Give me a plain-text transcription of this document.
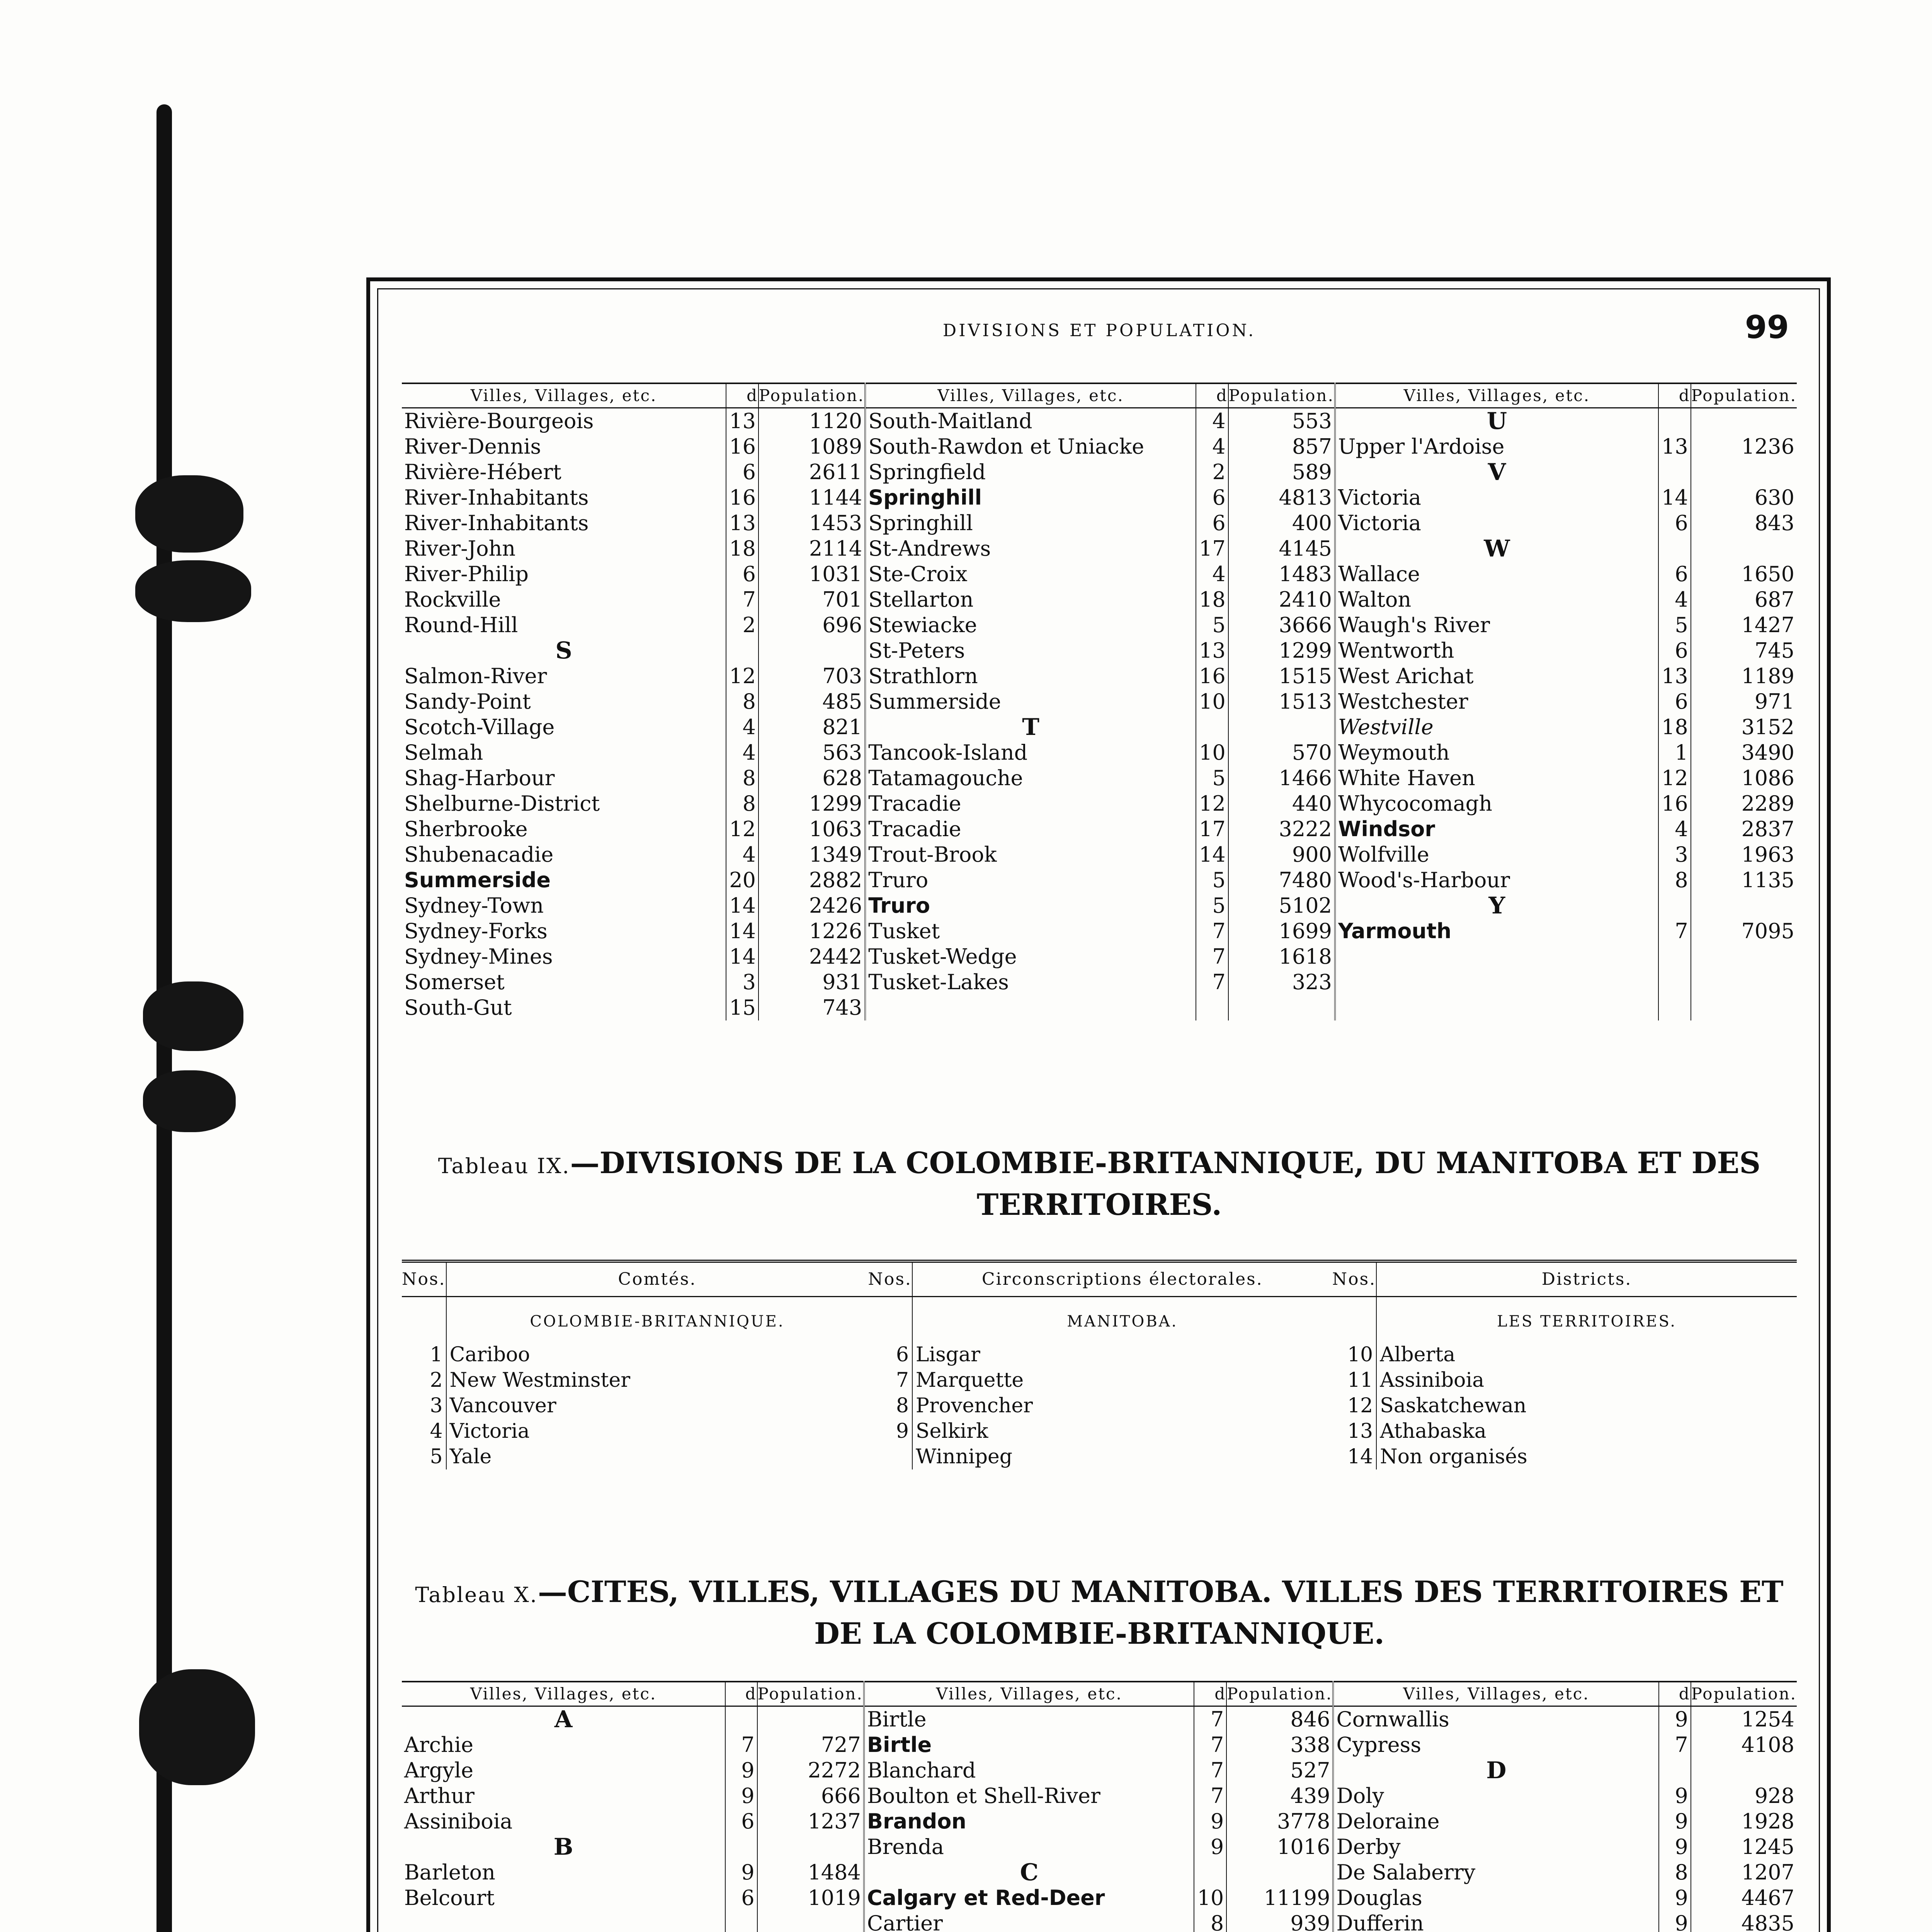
DIVISIONS ET POPULATION.	99
Villes, Villages, etc.	d	Population.	Villes, Villages, etc.	d	Population.	Villes, Villages, etc.	d	Population.
Rivière-Bourgeois	13	1120	South-Maitland	4	553	U		
River-Dennis	16	1089	South-Rawdon et Uniacke	4	857	Upper l'Ardoise	13	1236
Rivière-Hébert	6	2611	Springfield	2	589	V		
River-Inhabitants	16	1144	Springhill	6	4813	Victoria	14	630
River-Inhabitants	13	1453	Springhill	6	400	Victoria	6	843
River-John	18	2114	St-Andrews	17	4145	W		
River-Philip	6	1031	Ste-Croix	4	1483	Wallace	6	1650
Rockville	7	701	Stellarton	18	2410	Walton	4	687
Round-Hill	2	696	Stewiacke	5	3666	Waugh's River	5	1427
S			St-Peters	13	1299	Wentworth	6	745
Salmon-River	12	703	Strathlorn	16	1515	West Arichat	13	1189
Sandy-Point	8	485	Summerside	10	1513	Westchester	6	971
Scotch-Village	4	821	T			Westville	18	3152
Selmah	4	563	Tancook-Island	10	570	Weymouth	1	3490
Shag-Harbour	8	628	Tatamagouche	5	1466	White Haven	12	1086
Shelburne-District	8	1299	Tracadie	12	440	Whycocomagh	16	2289
Sherbrooke	12	1063	Tracadie	17	3222	Windsor	4	2837
Shubenacadie	4	1349	Trout-Brook	14	900	Wolfville	3	1963
Summerside	20	2882	Truro	5	7480	Wood's-Harbour	8	1135
Sydney-Town	14	2426	Truro	5	5102	Y		
Sydney-Forks	14	1226	Tusket	7	1699	Yarmouth	7	7095
Sydney-Mines	14	2442	Tusket-Wedge	7	1618			
Somerset	3	931	Tusket-Lakes	7	323			
South-Gut	15	743						
Tableau IX.—DIVISIONS DE LA COLOMBIE-BRITANNIQUE, DU MANITOBA ET DES TERRITOIRES.
Nos.	Comtés.	Nos.	Circonscriptions électorales.	Nos.	Districts.
	COLOMBIE-BRITANNIQUE.		MANITOBA.		LES TERRITOIRES.
1	Cariboo	6	Lisgar	10	Alberta
2	New Westminster	7	Marquette	11	Assiniboia
3	Vancouver	8	Provencher	12	Saskatchewan
4	Victoria	9	Selkirk	13	Athabaska
5	Yale		Winnipeg	14	Non organisés
Tableau X.—CITES, VILLES, VILLAGES DU MANITOBA. VILLES DES TERRITOIRES ET DE LA COLOMBIE-BRITANNIQUE.
Villes, Villages, etc.	d	Population.	Villes, Villages, etc.	d	Population.	Villes, Villages, etc.	d	Population.
A			Birtle	7	846	Cornwallis	9	1254
Archie	7	727	Birtle	7	338	Cypress	7	4108
Argyle	9	2272	Blanchard	7	527	D		
Arthur	9	666	Boulton et Shell-River	7	439	Doly	9	928
Assiniboia	6	1237	Brandon	9	3778	Deloraine	9	1928
B			Brenda	9	1016	Derby	9	1245
Barleton	9	1484	C			De Salaberry	8	1207
Belcourt	6	1019	Calgary et Red-Deer	10	11199	Douglas	9	4467
			Cartier	8	939	Dufferin	9	4835
